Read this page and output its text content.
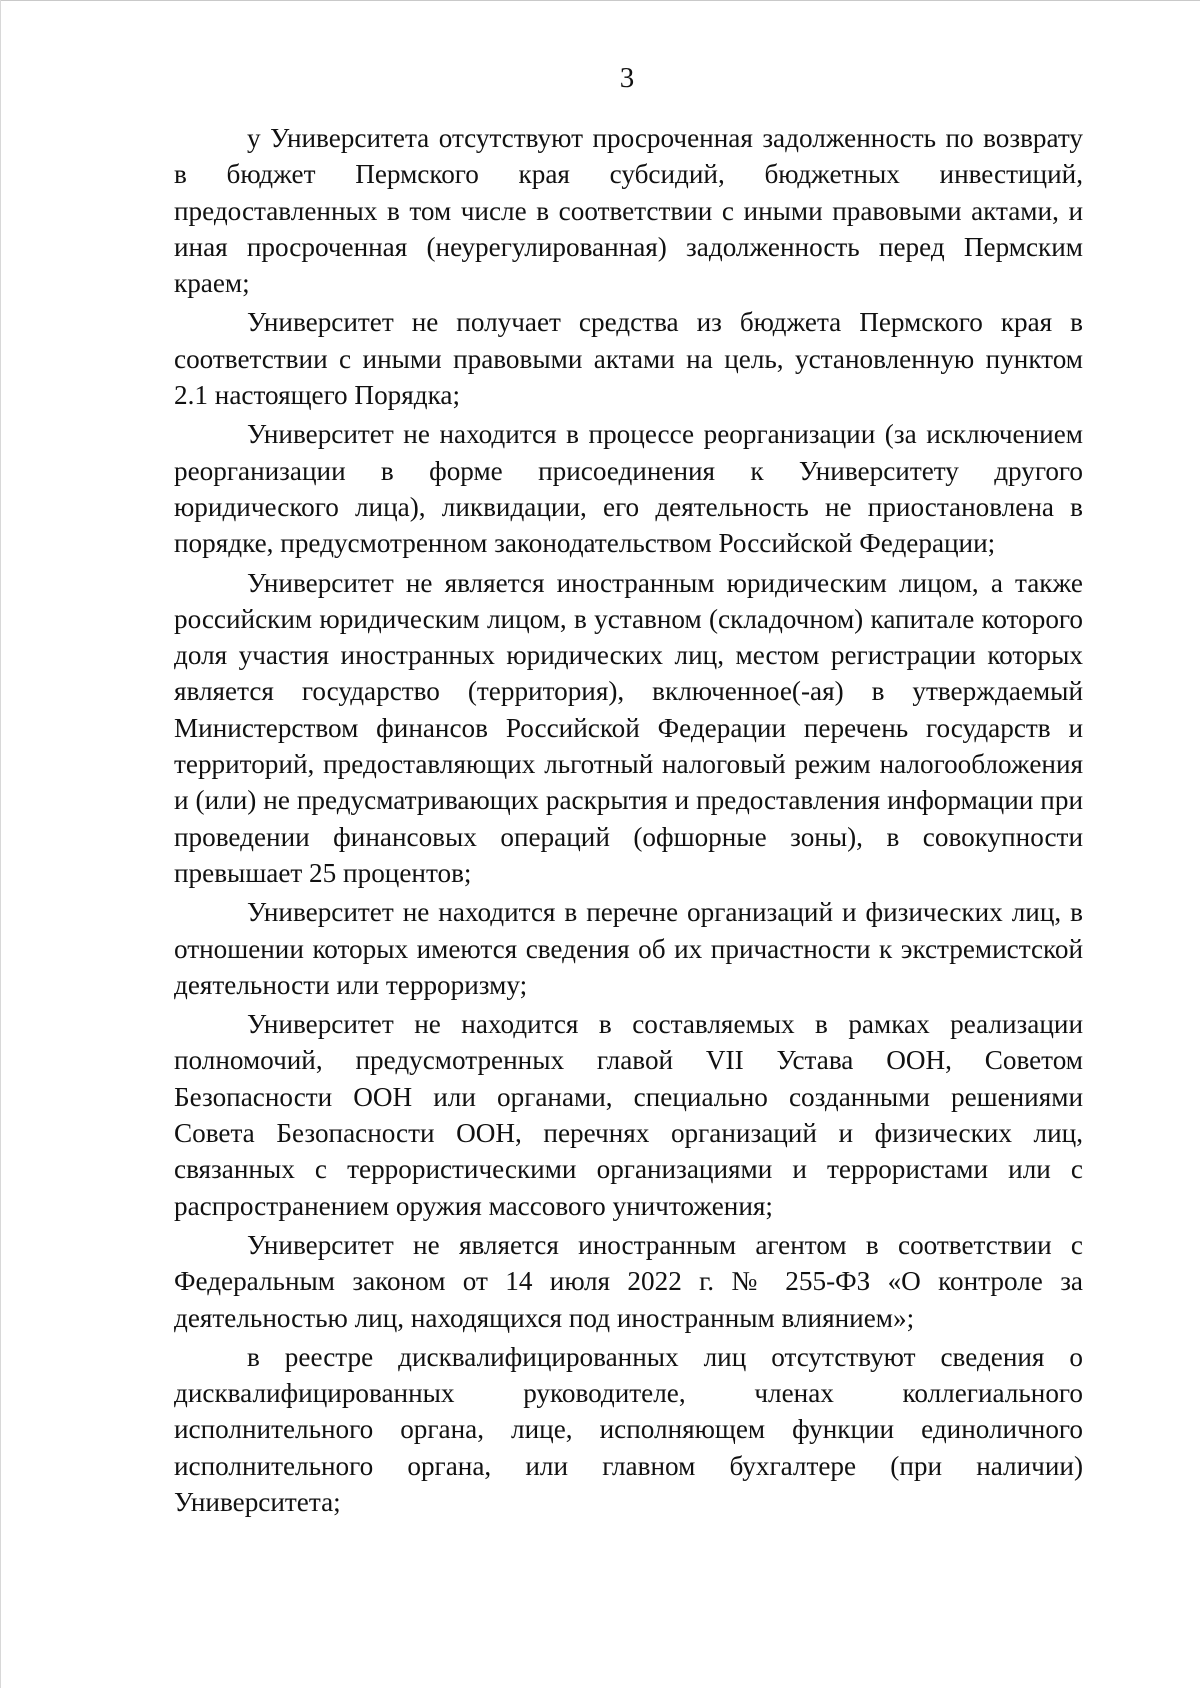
3

у Университета отсутствуют просроченная задолженность по возврату в бюджет Пермского края субсидий, бюджетных инвестиций, предоставленных в том числе в соответствии с иными правовыми актами, и иная просроченная (неурегулированная) задолженность перед Пермским краем;

Университет не получает средства из бюджета Пермского края в соответствии с иными правовыми актами на цель, установленную пунктом 2.1 настоящего Порядка;

Университет не находится в процессе реорганизации (за исключением реорганизации в форме присоединения к Университету другого юридического лица), ликвидации, его деятельность не приостановлена в порядке, предусмотренном законодательством Российской Федерации;

Университет не является иностранным юридическим лицом, а также российским юридическим лицом, в уставном (складочном) капитале которого доля участия иностранных юридических лиц, местом регистрации которых является государство (территория), включенное(-ая) в утверждаемый Министерством финансов Российской Федерации перечень государств и территорий, предоставляющих льготный налоговый режим налогообложения и (или) не предусматривающих раскрытия и предоставления информации при проведении финансовых операций (офшорные зоны), в совокупности превышает 25 процентов;

Университет не находится в перечне организаций и физических лиц, в отношении которых имеются сведения об их причастности к экстремистской деятельности или терроризму;

Университет не находится в составляемых в рамках реализации полномочий, предусмотренных главой VII Устава ООН, Советом Безопасности ООН или органами, специально созданными решениями Совета Безопасности ООН, перечнях организаций и физических лиц, связанных с террористическими организациями и террористами или с распространением оружия массового уничтожения;

Университет не является иностранным агентом в соответствии с Федеральным законом от 14 июля 2022 г. № 255-ФЗ «О контроле за деятельностью лиц, находящихся под иностранным влиянием»;

в реестре дисквалифицированных лиц отсутствуют сведения о дисквалифицированных руководителе, членах коллегиального исполнительного органа, лице, исполняющем функции единоличного исполнительного органа, или главном бухгалтере (при наличии) Университета;
